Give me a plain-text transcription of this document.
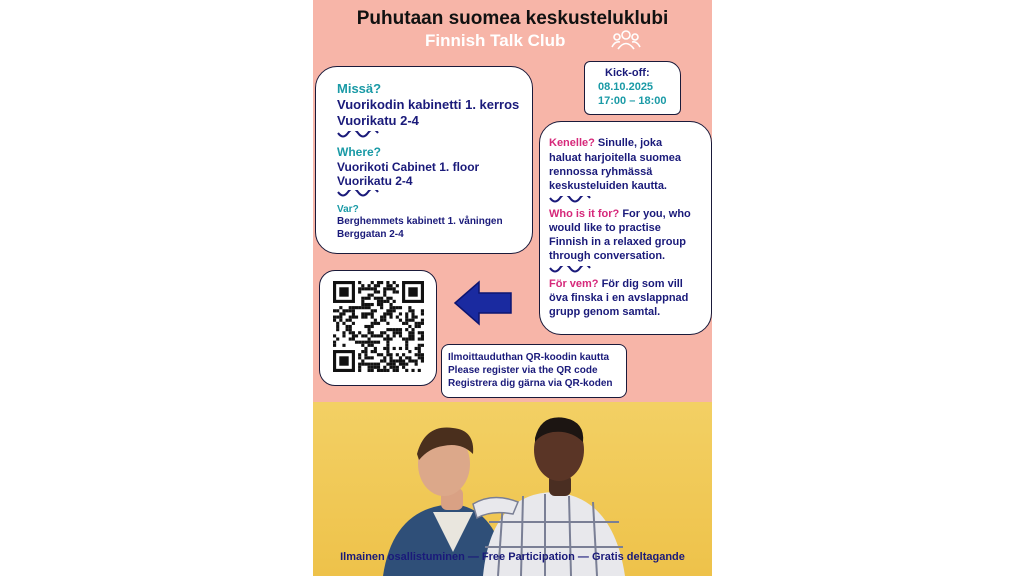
Puhutaan suomea keskusteluklubi
Finnish Talk Club
Missä?
Vuorikodin kabinetti 1. kerros
Vuorikatu 2-4
Where?
Vuorikoti Cabinet 1. floor
Vuorikatu 2-4
Var?
Berghemmets kabinett 1. våningen
Berggatan 2-4
Kick-off:
08.10.2025
17:00 – 18:00
Kenelle? Sinulle, joka
haluat harjoitella suomea
rennossa ryhmässä
keskusteluiden kautta.
Who is it for? For you, who
would like to practise
Finnish in a relaxed group
through conversation.
För vem? För dig som vill
öva finska i en avslappnad
grupp genom samtal.
Ilmoittauduthan QR-koodin kautta
Please register via the QR code
Registrera dig gärna via QR-koden
Ilmainen osallistuminen — Free Participation — Gratis deltagande
